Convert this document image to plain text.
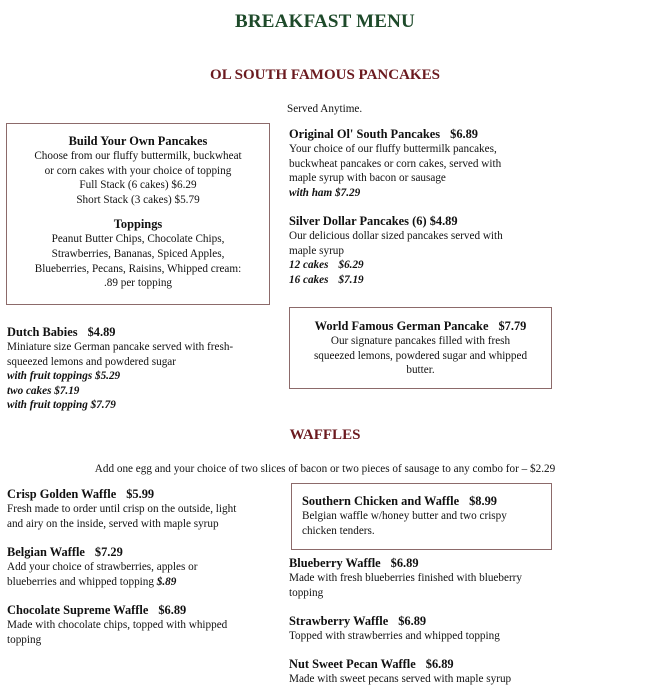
BREAKFAST MENU
OL SOUTH FAMOUS PANCAKES
Served Anytime.
Build Your Own Pancakes
Choose from our fluffy buttermilk, buckwheat
or corn cakes with your choice of topping
Full Stack (6 cakes) $6.29
Short Stack (3 cakes) $5.79
Toppings
Peanut Butter Chips, Chocolate Chips,
Strawberries, Bananas, Spiced Apples,
Blueberries, Pecans, Raisins, Whipped cream:
.89 per topping
Original Ol' South Pancakes $6.89
Your choice of our fluffy buttermilk pancakes,
buckwheat pancakes or corn cakes, served with
maple syrup with bacon or sausage
with ham $7.29
Silver Dollar Pancakes (6) $4.89
Our delicious dollar sized pancakes served with
maple syrup
12 cakes $6.29
16 cakes $7.19
Dutch Babies $4.89
Miniature size German pancake served with fresh-
squeezed lemons and powdered sugar
with fruit toppings $5.29
two cakes $7.19
with fruit topping $7.79
World Famous German Pancake $7.79
Our signature pancakes filled with fresh
squeezed lemons, powdered sugar and whipped
butter.
WAFFLES
Add one egg and your choice of two slices of bacon or two pieces of sausage to any combo for – $2.29
Crisp Golden Waffle $5.99
Fresh made to order until crisp on the outside, light
and airy on the inside, served with maple syrup
Belgian Waffle $7.29
Add your choice of strawberries, apples or
blueberries and whipped topping $.89
Chocolate Supreme Waffle $6.89
Made with chocolate chips, topped with whipped
topping
Southern Chicken and Waffle $8.99
Belgian waffle w/honey butter and two crispy
chicken tenders.
Blueberry Waffle $6.89
Made with fresh blueberries finished with blueberry
topping
Strawberry Waffle $6.89
Topped with strawberries and whipped topping
Nut Sweet Pecan Waffle $6.89
Made with sweet pecans served with maple syrup
